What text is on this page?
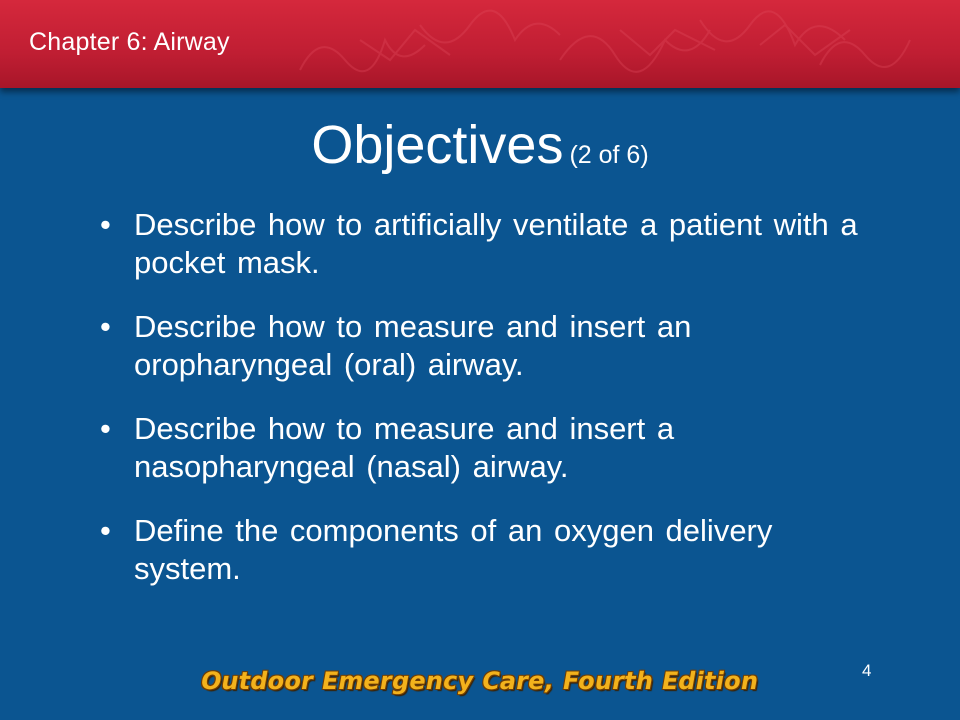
Chapter 6: Airway
Objectives (2 of 6)
• Describe how to artificially ventilate a patient with a pocket mask.
• Describe how to measure and insert an oropharyngeal (oral) airway.
• Describe how to measure and insert a nasopharyngeal (nasal) airway.
• Define the components of an oxygen delivery system.
4
Outdoor Emergency Care, Fourth Edition
